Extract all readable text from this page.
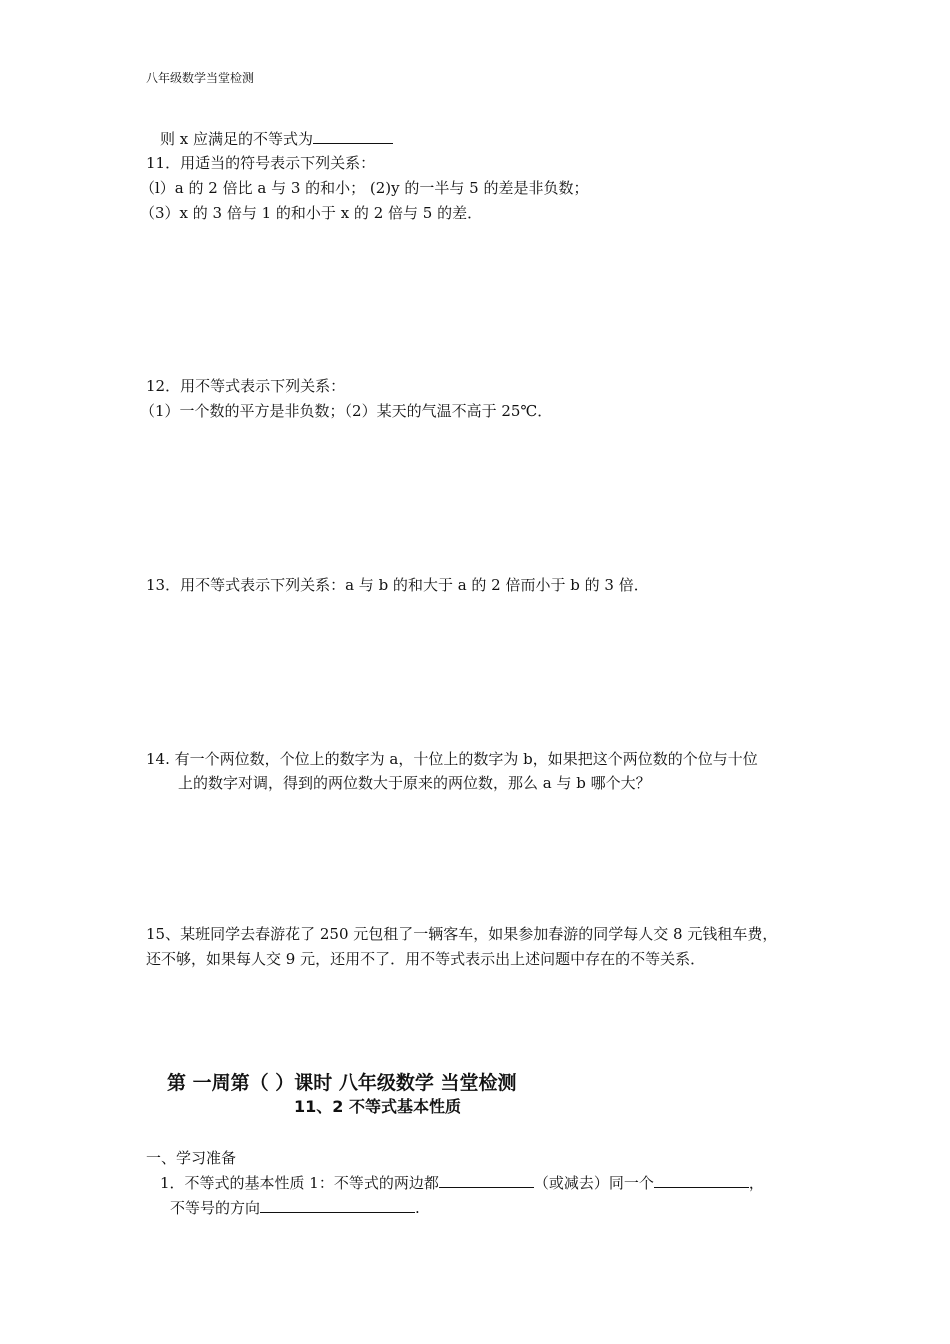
八年级数学当堂检测
则 x 应满足的不等式为
11．用适当的符号表示下列关系：
（l）a 的 2 倍比 a 与 3 的和小； (2)y 的一半与 5 的差是非负数；
（3）x 的 3 倍与 1 的和小于 x 的 2 倍与 5 的差．
12．用不等式表示下列关系：
（1）一个数的平方是非负数；（2）某天的气温不高于 25℃．
13．用不等式表示下列关系：a 与 b 的和大于 a 的 2 倍而小于 b 的 3 倍．
14. 有一个两位数，个位上的数字为 a，十位上的数字为 b，如果把这个两位数的个位与十位
上的数字对调，得到的两位数大于原来的两位数，那么 a 与 b 哪个大？
15、某班同学去春游花了 250 元包租了一辆客车，如果参加春游的同学每人交 8 元钱租车费，
还不够，如果每人交 9 元，还用不了．用不等式表示出上述问题中存在的不等关系．
第 一周第（ ）课时 八年级数学 当堂检测
11、2 不等式基本性质
一、学习准备
1．不等式的基本性质 1：不等式的两边都	（或减去）同一个	，
不等号的方向	.
